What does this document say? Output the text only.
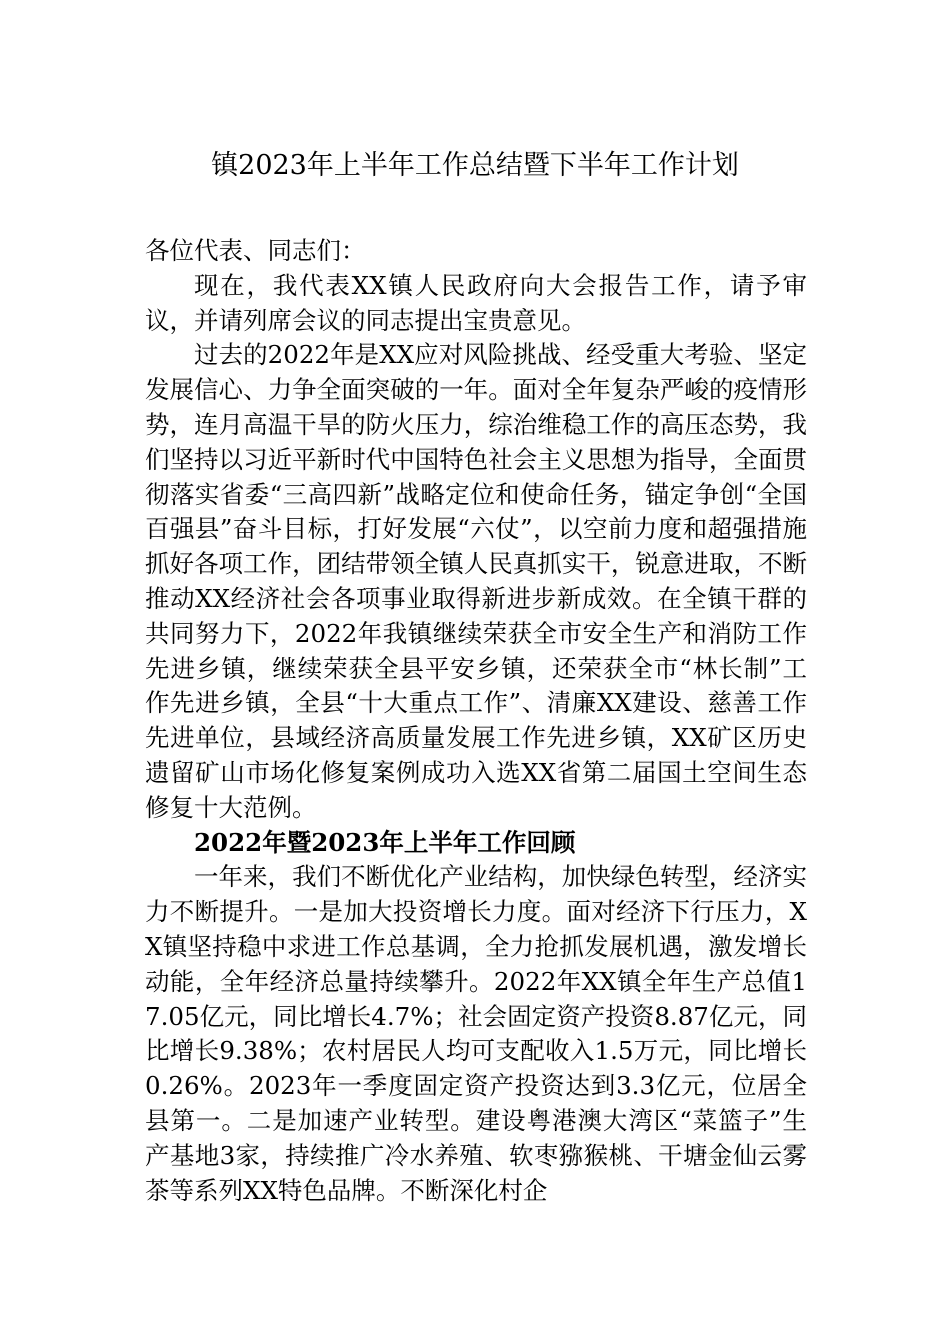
镇2023年上半年工作总结暨下半年工作计划

各位代表、同志们：

现在，我代表XX镇人民政府向大会报告工作，请予审议，并请列席会议的同志提出宝贵意见。

过去的2022年是XX应对风险挑战、经受重大考验、坚定发展信心、力争全面突破的一年。面对全年复杂严峻的疫情形势，连月高温干旱的防火压力，综治维稳工作的高压态势，我们坚持以习近平新时代中国特色社会主义思想为指导，全面贯彻落实省委“三高四新”战略定位和使命任务，锚定争创“全国百强县”奋斗目标，打好发展“六仗”，以空前力度和超强措施抓好各项工作，团结带领全镇人民真抓实干，锐意进取，不断推动XX经济社会各项事业取得新进步新成效。在全镇干群的共同努力下，2022年我镇继续荣获全市安全生产和消防工作先进乡镇，继续荣获全县平安乡镇，还荣获全市“林长制”工作先进乡镇，全县“十大重点工作”、清廉XX建设、慈善工作先进单位，县域经济高质量发展工作先进乡镇，XX矿区历史遗留矿山市场化修复案例成功入选XX省第二届国土空间生态修复十大范例。

2022年暨2023年上半年工作回顾

一年来，我们不断优化产业结构，加快绿色转型，经济实力不断提升。一是加大投资增长力度。面对经济下行压力，XX镇坚持稳中求进工作总基调，全力抢抓发展机遇，激发增长动能，全年经济总量持续攀升。2022年XX镇全年生产总值17.05亿元，同比增长4.7%；社会固定资产投资8.87亿元，同比增长9.38%；农村居民人均可支配收入1.5万元，同比增长0.26%。2023年一季度固定资产投资达到3.3亿元，位居全县第一。二是加速产业转型。建设粤港澳大湾区“菜篮子”生产基地3家，持续推广冷水养殖、软枣猕猴桃、干塘金仙云雾茶等系列XX特色品牌。不断深化村企
